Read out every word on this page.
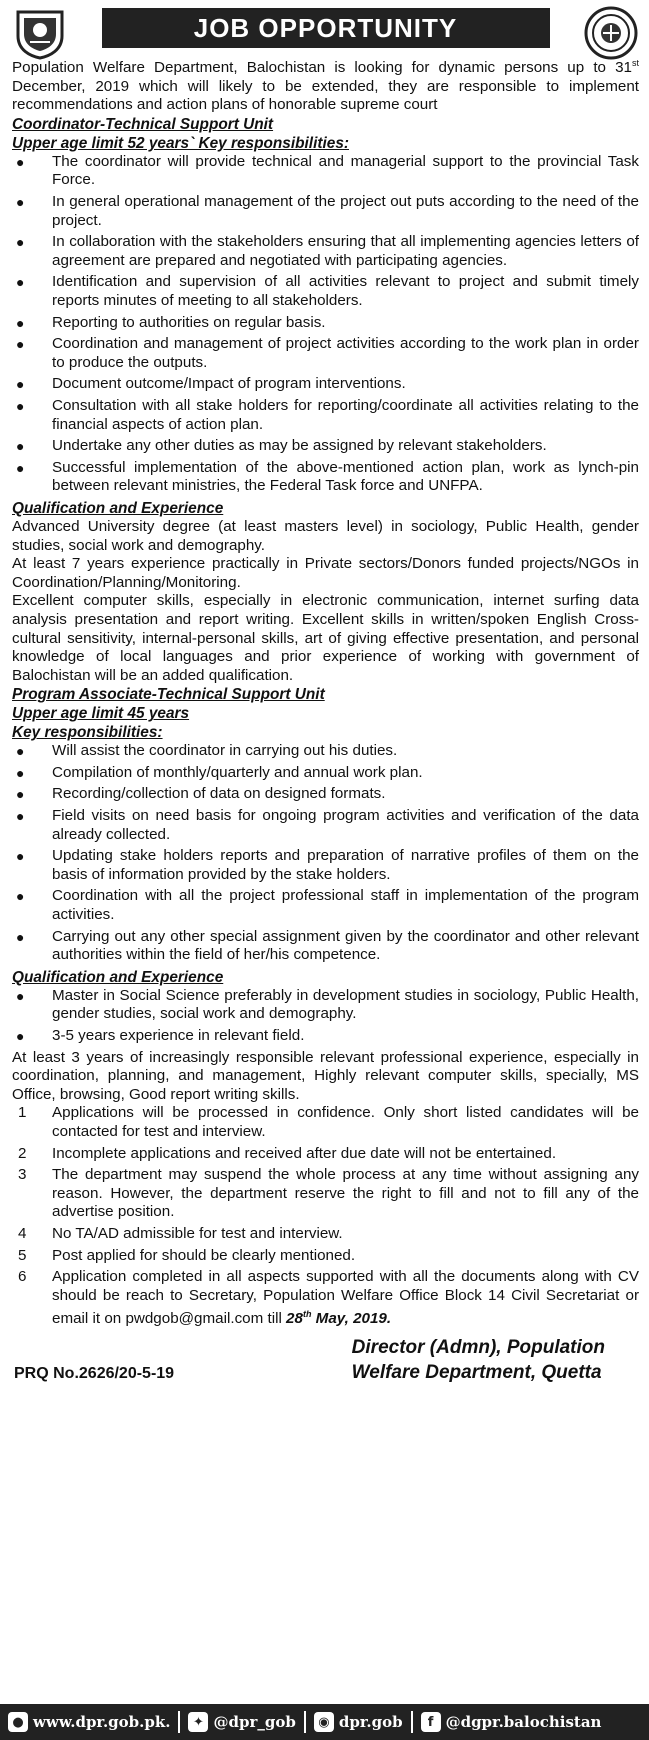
JOB OPPORTUNITY

Population Welfare Department, Balochistan is looking for dynamic persons up to 31st December, 2019 which will likely to be extended, they are responsible to implement recommendations and action plans of honorable supreme court

Coordinator-Technical Support Unit
Upper age limit 52 years` Key responsibilities:
● The coordinator will provide technical and managerial support to the provincial Task Force.
● In general operational management of the project out puts according to the need of the project.
● In collaboration with the stakeholders ensuring that all implementing agencies letters of agreement are prepared and negotiated with participating agencies.
● Identification and supervision of all activities relevant to project and submit timely reports minutes of meeting to all stakeholders.
● Reporting to authorities on regular basis.
● Coordination and management of project activities according to the work plan in order to produce the outputs.
● Document outcome/Impact of program interventions.
● Consultation with all stake holders for reporting/coordinate all activities relating to the financial aspects of action plan.
● Undertake any other duties as may be assigned by relevant stakeholders.
● Successful implementation of the above-mentioned action plan, work as lynch-pin between relevant ministries, the Federal Task force and UNFPA.
Qualification and Experience

Advanced University degree (at least masters level) in sociology, Public Health, gender studies, social work and demography.

At least 7 years experience practically in Private sectors/Donors funded projects/NGOs in Coordination/Planning/Monitoring.

Excellent computer skills, especially in electronic communication, internet surfing data analysis presentation and report writing. Excellent skills in written/spoken English Cross-cultural sensitivity, internal-personal skills, art of giving effective presentation, and personal knowledge of local languages and prior experience of working with government of Balochistan will be an added qualification.

Program Associate-Technical Support Unit
Upper age limit 45 years
Key responsibilities:
● Will assist the coordinator in carrying out his duties.
● Compilation of monthly/quarterly and annual work plan.
● Recording/collection of data on designed formats.
● Field visits on need basis for ongoing program activities and verification of the data already collected.
● Updating stake holders reports and preparation of narrative profiles of them on the basis of information provided by the stake holders.
● Coordination with all the project professional staff in implementation of the program activities.
● Carrying out any other special assignment given by the coordinator and other relevant authorities within the field of her/his competence.
Qualification and Experience
● Master in Social Science preferably in development studies in sociology, Public Health, gender studies, social work and demography.
● 3-5 years experience in relevant field.

At least 3 years of increasingly responsible relevant professional experience, especially in coordination, planning, and management, Highly relevant computer skills, specially, MS Office, browsing, Good report writing skills.

1 Applications will be processed in confidence. Only short listed candidates will be contacted for test and interview.
2 Incomplete applications and received after due date will not be entertained.
3 The department may suspend the whole process at any time without assigning any reason. However, the department reserve the right to fill and not to fill any of the advertise position.
4 No TA/AD admissible for test and interview.
5 Post applied for should be clearly mentioned.
6 Application completed in all aspects supported with all the documents along with CV should be reach to Secretary, Population Welfare Office Block 14 Civil Secretariat or email it on pwdgob@gmail.com till 28th May, 2019.
PRQ No.2626/20-5-19
Director (Admn), Population
Welfare Department, Quetta
● www.dpr.gob.pk.	✦ @dpr_gob	◉ dpr.gob	f @dgpr.balochistan
